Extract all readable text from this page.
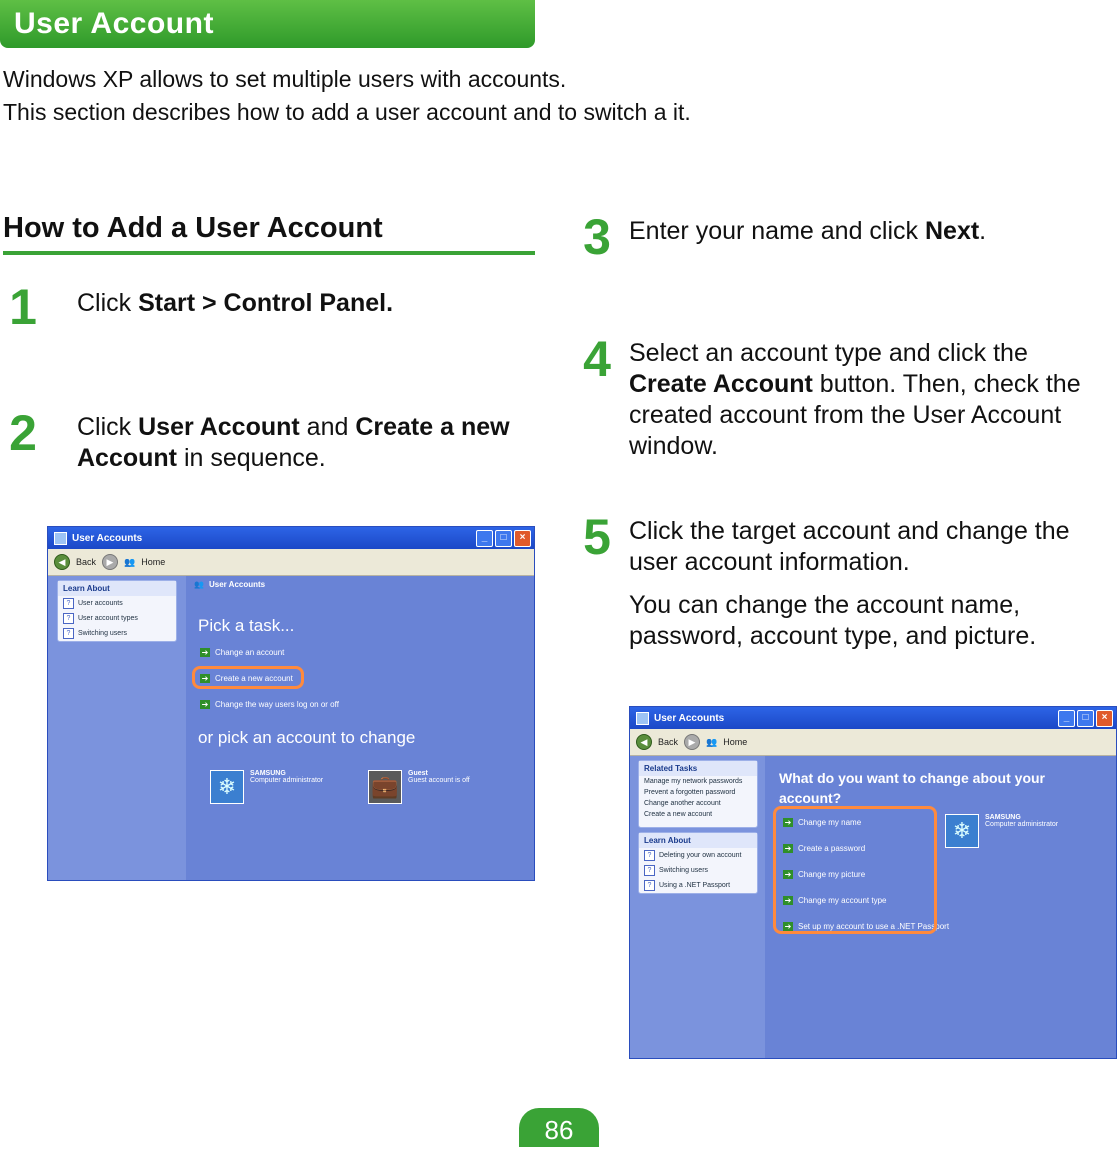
User Account
Windows XP allows to set multiple users with accounts.
This section describes how to add a user account and to switch a it.
How to Add a User Account
1 Click Start > Control Panel.
2 Click User Account and Create a new Account in sequence.
User Accounts	_	□	×
◀	Back	▶	👥 Home
Learn About
?	User accounts
?	User account types
?	Switching users
👥 User Accounts
Pick a task...
➔ Change an account
➔ Create a new account
➔ Change the way users log on or off
or pick an account to change
❄
SAMSUNG
Computer administrator 💼
Guest
Guest account is off
3 Enter your name and click Next.
4 Select an account type and click the Create Account button. Then, check the created account from the User Account window.
5 Click the target account and change the user account information.
You can change the account name, password, account type, and picture.
User Accounts	_	□	×
◀	Back	▶	👥 Home
Related Tasks
Manage my network passwords
Prevent a forgotten password
Change another account
Create a new account
Learn About
?	Deleting your own account
?	Switching users
?	Using a .NET Passport
What do you want to change about your account?
➔ Change my name
➔ Create a password
➔ Change my picture
➔ Change my account type
➔ Set up my account to use a .NET Passport
❄
SAMSUNG
Computer administrator
86
